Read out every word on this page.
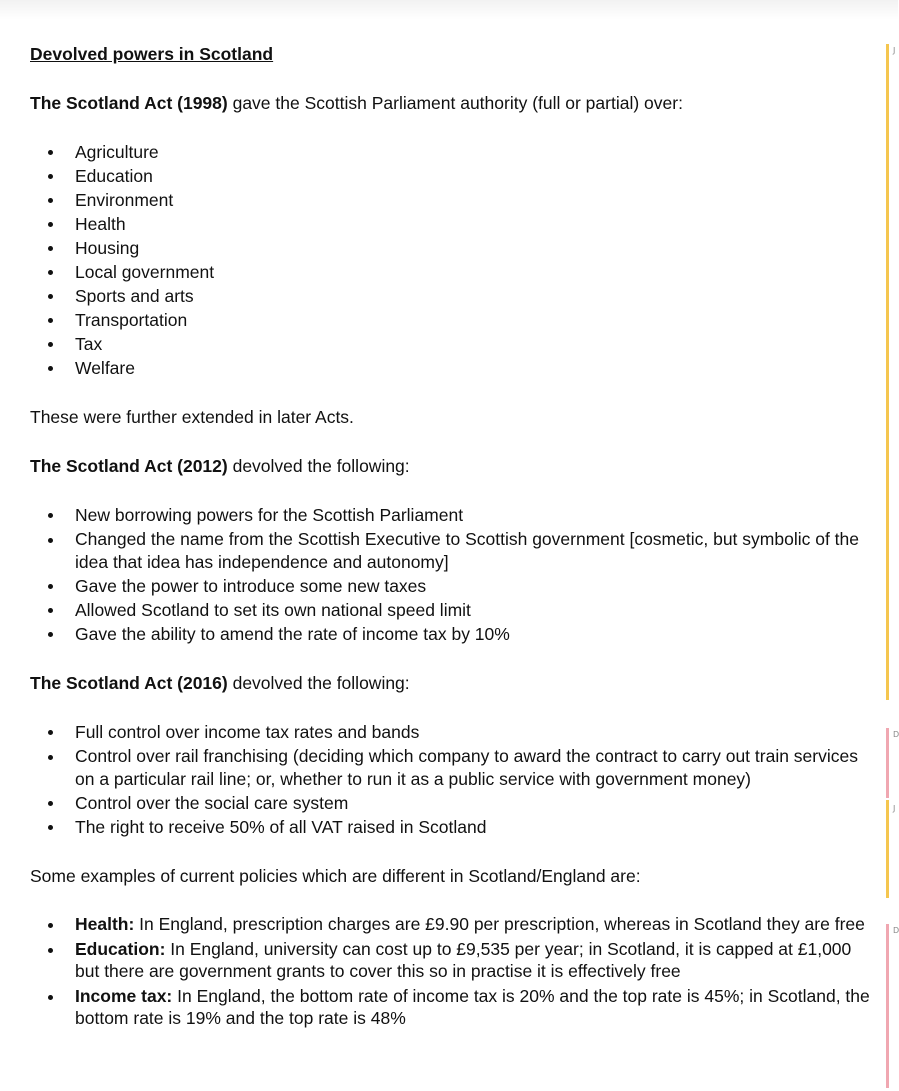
Devolved powers in Scotland

The Scotland Act (1998) gave the Scottish Parliament authority (full or partial) over:

Agriculture
Education
Environment
Health
Housing
Local government
Sports and arts
Transportation
Tax
Welfare

These were further extended in later Acts.

The Scotland Act (2012) devolved the following:

New borrowing powers for the Scottish Parliament
Changed the name from the Scottish Executive to Scottish government [cosmetic, but symbolic of the idea that idea has independence and autonomy]
Gave the power to introduce some new taxes
Allowed Scotland to set its own national speed limit
Gave the ability to amend the rate of income tax by 10%

The Scotland Act (2016) devolved the following:

Full control over income tax rates and bands
Control over rail franchising (deciding which company to award the contract to carry out train services on a particular rail line; or, whether to run it as a public service with government money)
Control over the social care system
The right to receive 50% of all VAT raised in Scotland

Some examples of current policies which are different in Scotland/England are:

Health: In England, prescription charges are £9.90 per prescription, whereas in Scotland they are free
Education: In England, university can cost up to £9,535 per year; in Scotland, it is capped at £1,000 but there are government grants to cover this so in practise it is effectively free
Income tax: In England, the bottom rate of income tax is 20% and the top rate is 45%; in Scotland, the bottom rate is 19% and the top rate is 48%
J
D
J
D
